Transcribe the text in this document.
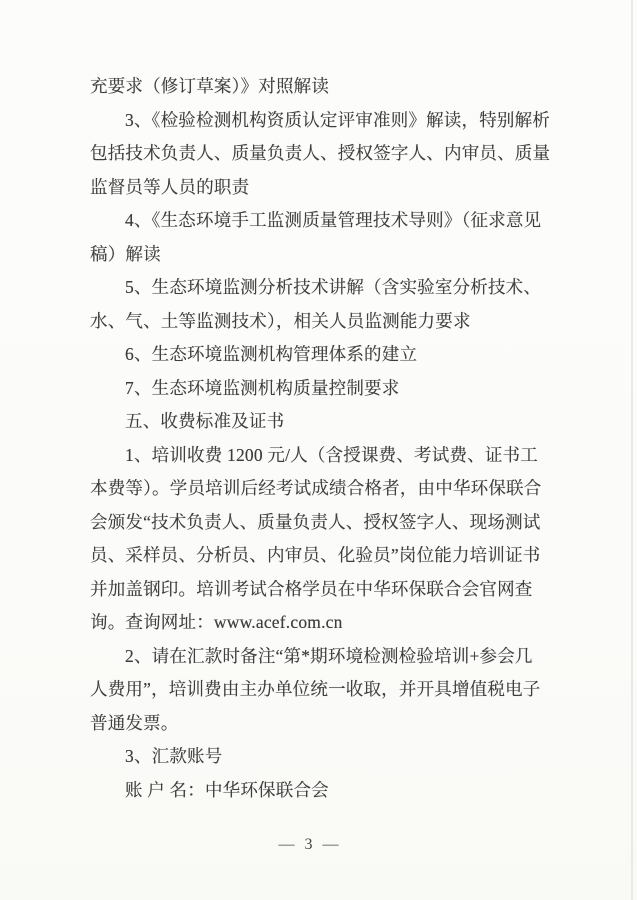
充要求（修订草案）》对照解读
3、《检验检测机构资质认定评审准则》解读，特别解析
包括技术负责人、质量负责人、授权签字人、内审员、质量
监督员等人员的职责
4、《生态环境手工监测质量管理技术导则》（征求意见
稿）解读
5、生态环境监测分析技术讲解（含实验室分析技术、
水、气、土等监测技术），相关人员监测能力要求
6、生态环境监测机构管理体系的建立
7、生态环境监测机构质量控制要求
五、收费标准及证书
1、培训收费 1200 元/人（含授课费、考试费、证书工
本费等）。学员培训后经考试成绩合格者，由中华环保联合
会颁发“技术负责人、质量负责人、授权签字人、现场测试
员、采样员、分析员、内审员、化验员”岗位能力培训证书
并加盖钢印。培训考试合格学员在中华环保联合会官网查
询。查询网址：www.acef.com.cn
2、请在汇款时备注“第*期环境检测检验培训+参会几
人费用”，培训费由主办单位统一收取，并开具增值税电子
普通发票。
3、汇款账号
账 户 名：中华环保联合会
— 3 —
